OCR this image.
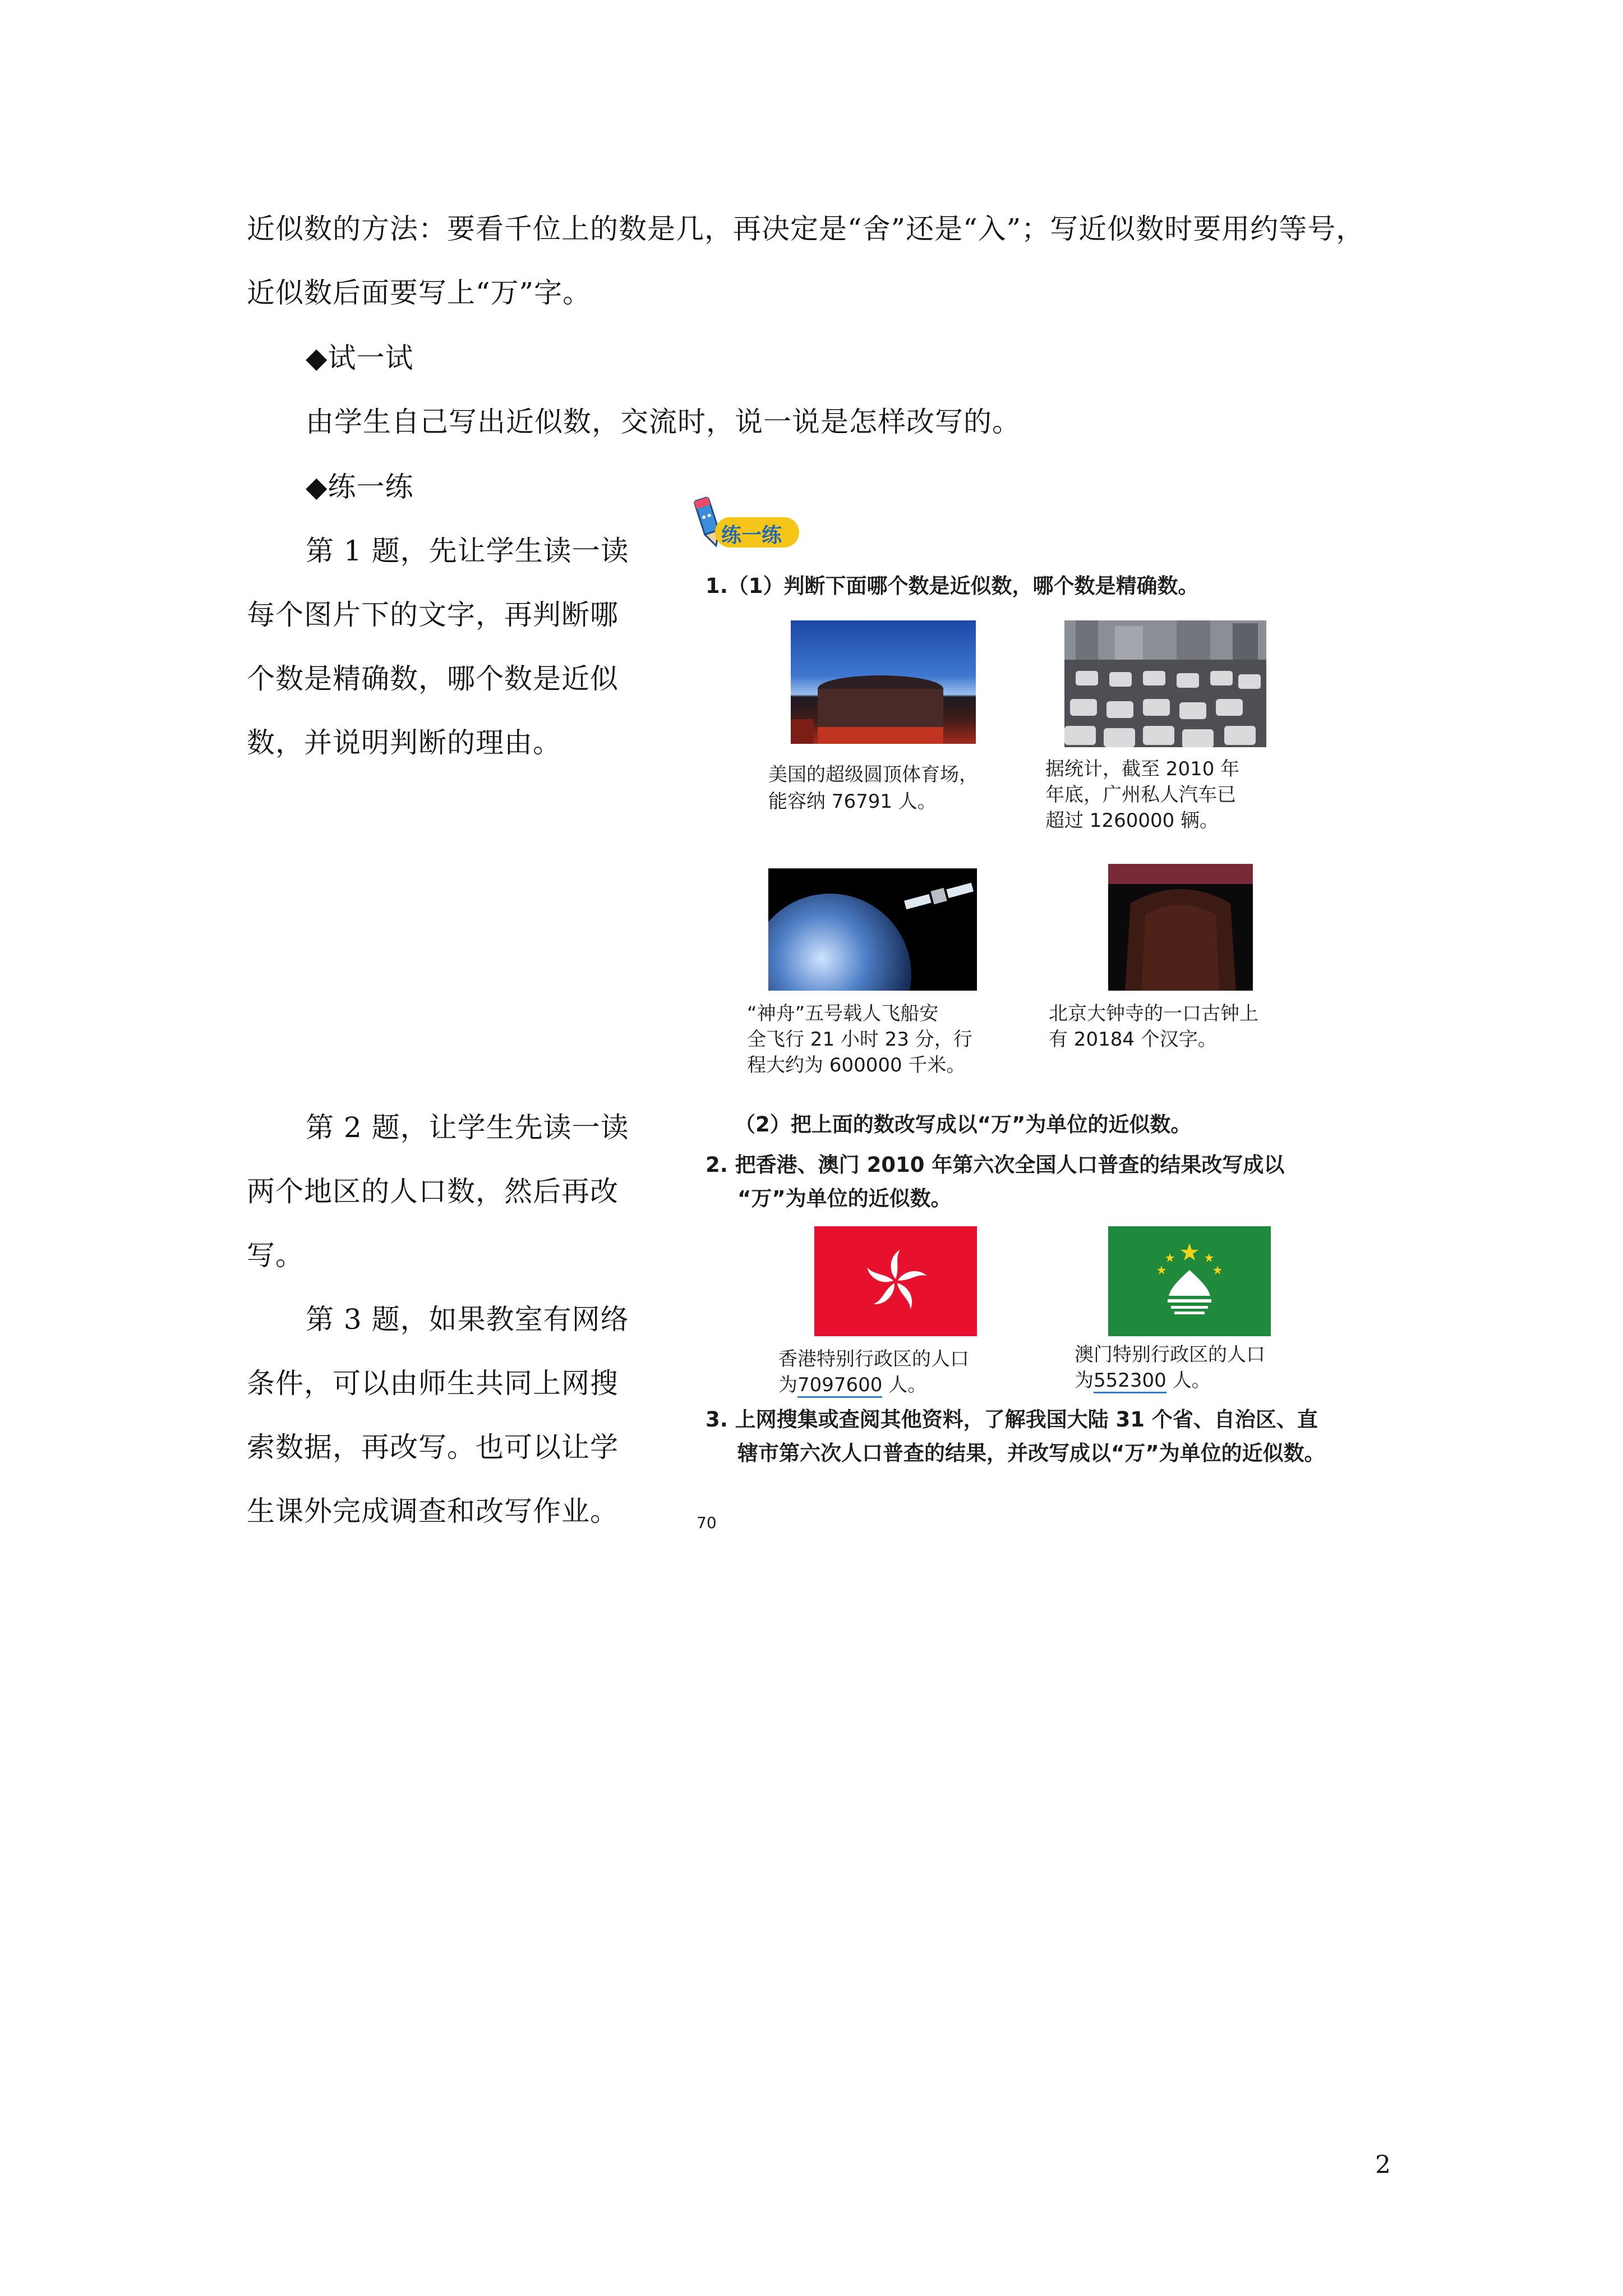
近似数的方法：要看千位上的数是几，再决定是“舍”还是“入”；写近似数时要用约等号，
近似数后面要写上“万”字。
◆试一试
由学生自己写出近似数，交流时，说一说是怎样改写的。
◆练一练
第 1 题，先让学生读一读
每个图片下的文字，再判断哪
个数是精确数，哪个数是近似
数，并说明判断的理由。
第 2 题，让学生先读一读
两个地区的人口数，然后再改
写。
第 3 题，如果教室有网络
条件，可以由师生共同上网搜
索数据，再改写。也可以让学
生课外完成调查和改写作业。
练一练
1.（1）判断下面哪个数是近似数，哪个数是精确数。
美国的超级圆顶体育场，
能容纳 76791 人。
据统计，截至 2010 年
年底，广州私人汽车已
超过 1260000 辆。
“神舟”五号载人飞船安
全飞行 21 小时 23 分，行
程大约为 600000 千米。
北京大钟寺的一口古钟上
有 20184 个汉字。
（2）把上面的数改写成以“万”为单位的近似数。
2. 把香港、澳门 2010 年第六次全国人口普查的结果改写成以
“万”为单位的近似数。
香港特别行政区的人口
为7097600 人。
澳门特别行政区的人口
为552300 人。
3. 上网搜集或查阅其他资料，了解我国大陆 31 个省、自治区、直
辖市第六次人口普查的结果，并改写成以“万”为单位的近似数。
70
2
